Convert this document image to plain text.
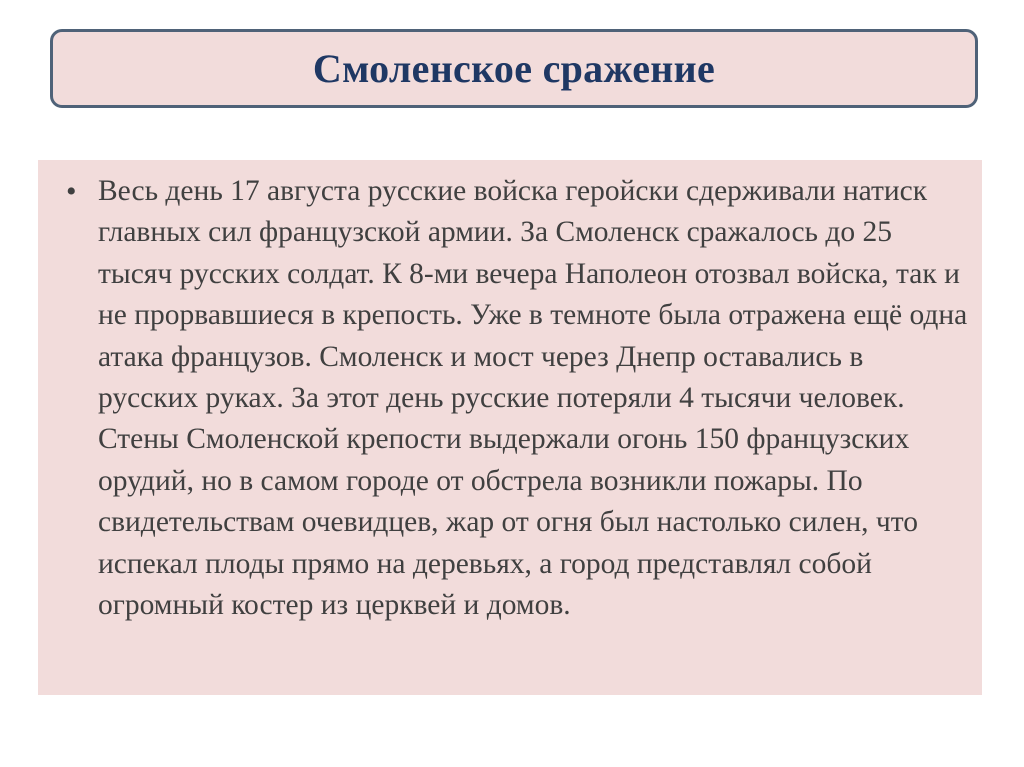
Смоленское сражение
• Весь день 17 августа русские войска геройски сдерживали натиск главных сил французской армии. За Смоленск сражалось до 25 тысяч русских солдат. К 8-ми вечера Наполеон отозвал войска, так и не прорвавшиеся в крепость. Уже в темноте была отражена ещё одна атака французов. Смоленск и мост через Днепр оставались в русских руках. За этот день русские потеряли 4 тысячи человек. Стены Смоленской крепости выдержали огонь 150 французских орудий, но в самом городе от обстрела возникли пожары. По свидетельствам очевидцев, жар от огня был настолько силен, что испекал плоды прямо на деревьях, а город представлял собой огромный костер из церквей и домов.
